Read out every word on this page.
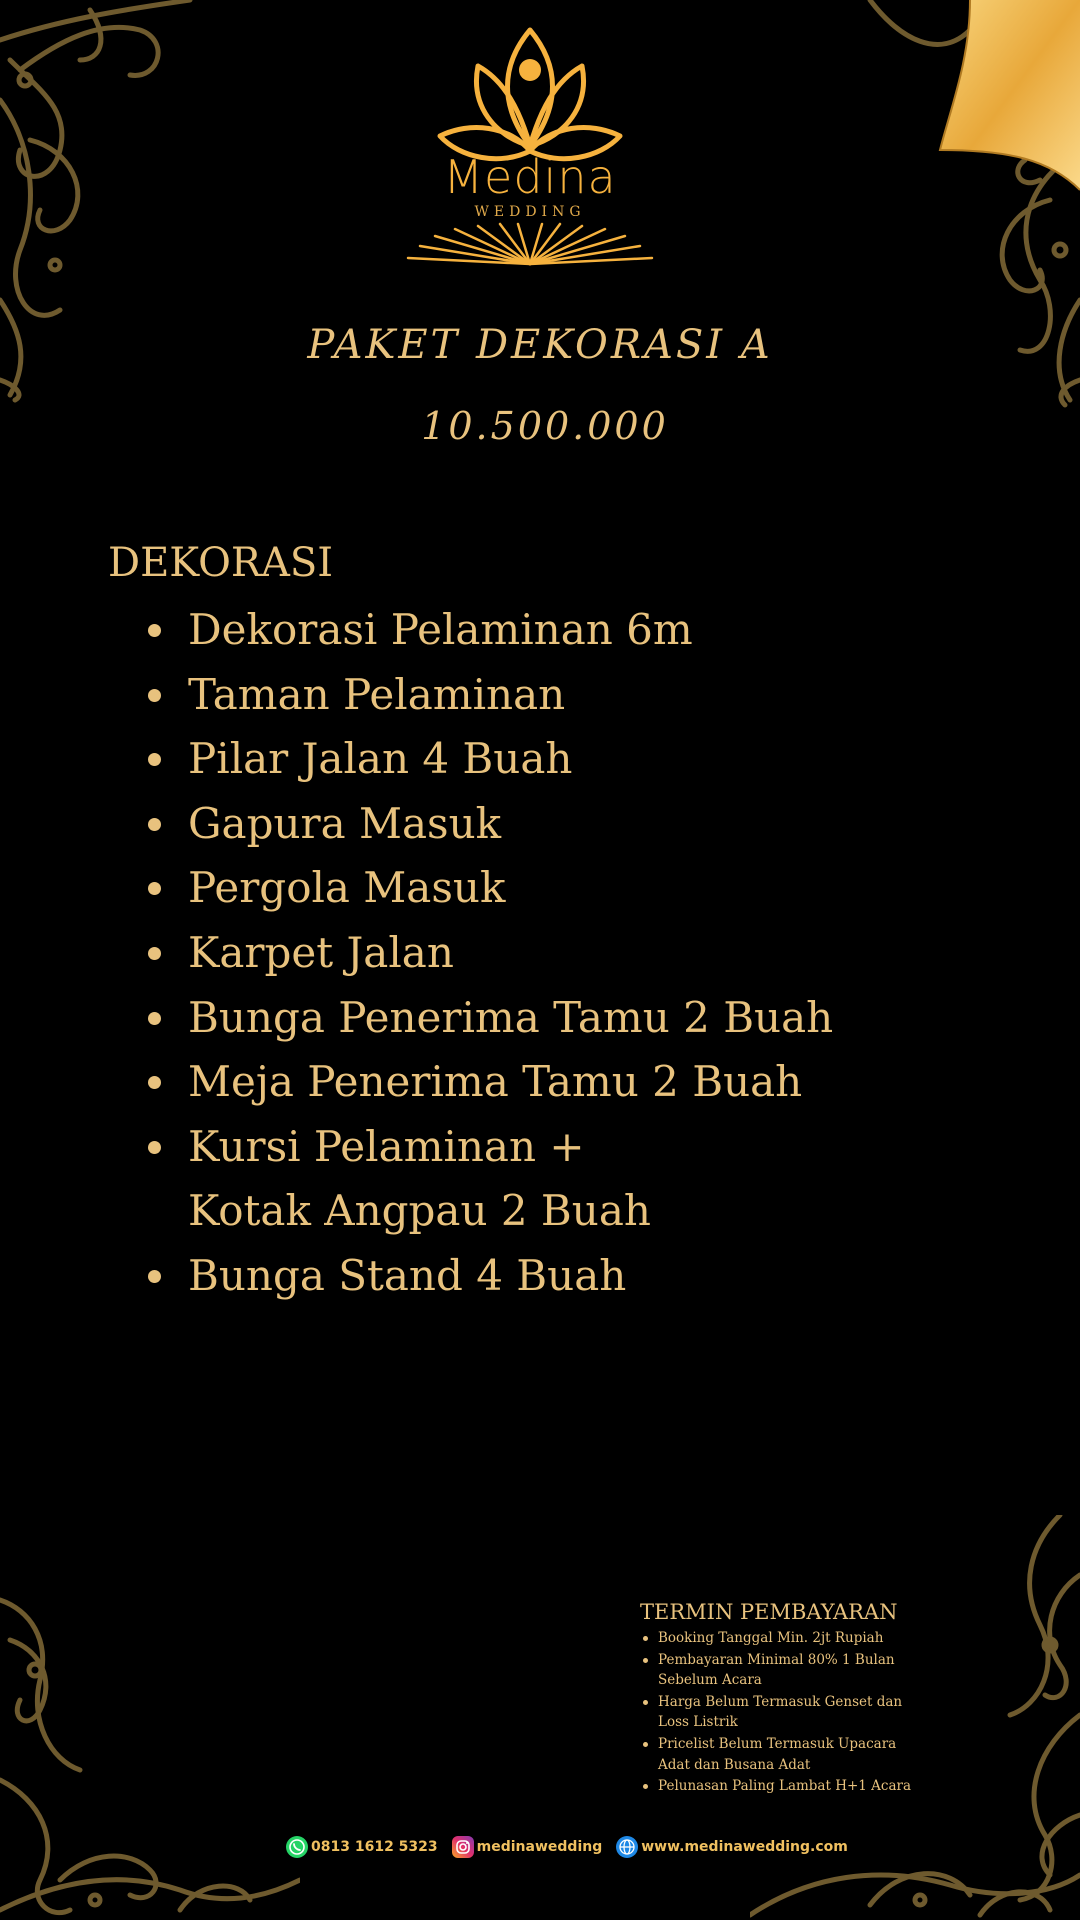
Medina
WEDDING
PAKET DEKORASI A
10.500.000
DEKORASI
Dekorasi Pelaminan 6m
Taman Pelaminan
Pilar Jalan 4 Buah
Gapura Masuk
Pergola Masuk
Karpet Jalan
Bunga Penerima Tamu 2 Buah
Meja Penerima Tamu 2 Buah
Kursi Pelaminan + Kotak Angpau 2 Buah
Bunga Stand 4 Buah
TERMIN PEMBAYARAN
Booking Tanggal Min. 2jt Rupiah
Pembayaran Minimal 80% 1 Bulan Sebelum Acara
Harga Belum Termasuk Genset dan Loss Listrik
Pricelist Belum Termasuk Upacara Adat dan Busana Adat
Pelunasan Paling Lambat H+1 Acara
0813 1612 5323	medinawedding	www.medinawedding.com
